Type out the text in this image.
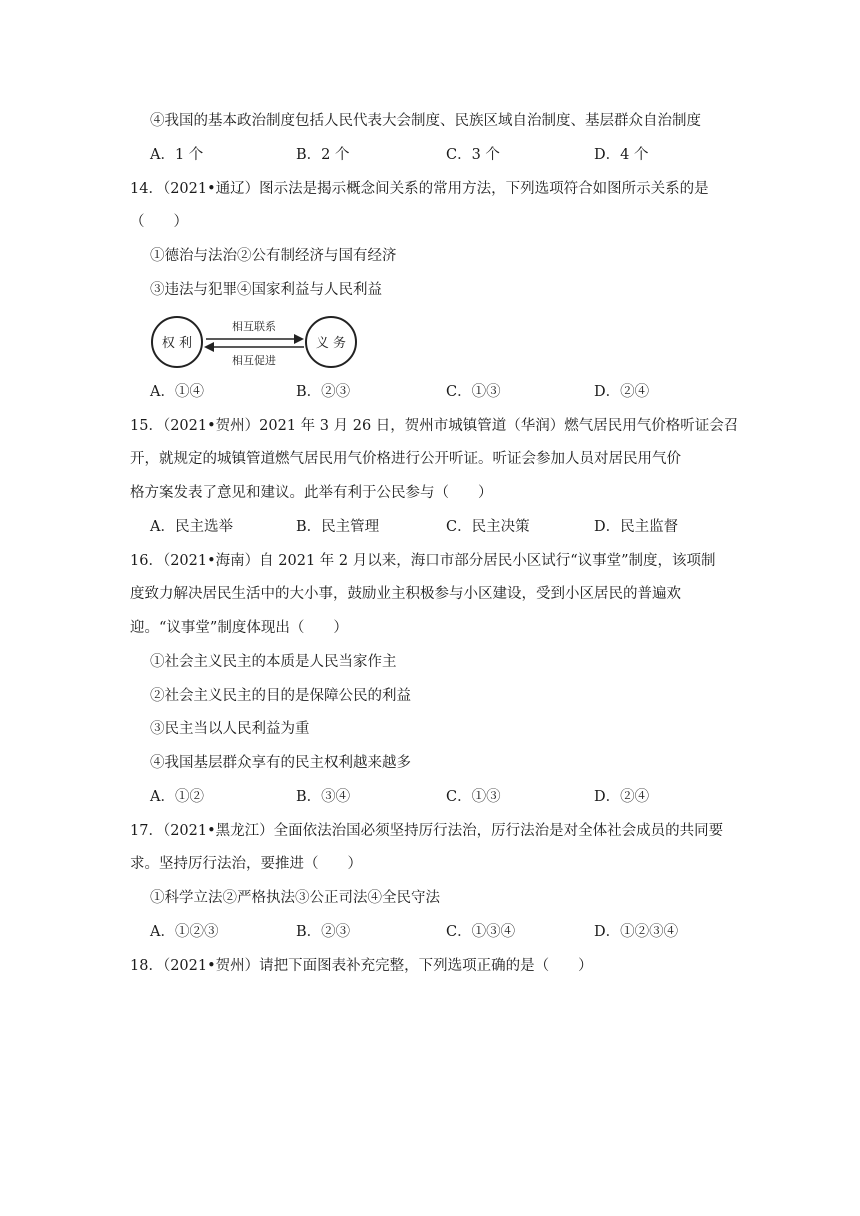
④我国的基本政治制度包括人民代表大会制度、民族区域自治制度、基层群众自治制度
A．1 个	B．2 个	C．3 个	D．4 个
14．（2021•通辽）图示法是揭示概念间关系的常用方法，下列选项符合如图所示关系的是
（　　）
①德治与法治②公有制经济与国有经济
③违法与犯罪④国家利益与人民利益
权 利	义 务
相互联系
相互促进
A．①④	B．②③	C．①③	D．②④
15．（2021•贺州）2021 年 3 月 26 日，贺州市城镇管道（华润）燃气居民用气价格听证会召
开，就规定的城镇管道燃气居民用气价格进行公开听证。听证会参加人员对居民用气价
格方案发表了意见和建议。此举有利于公民参与（　　）
A．民主选举	B．民主管理	C．民主决策	D．民主监督
16．（2021•海南）自 2021 年 2 月以来，海口市部分居民小区试行“议事堂”制度，该项制
度致力解决居民生活中的大小事，鼓励业主积极参与小区建设，受到小区居民的普遍欢
迎。“议事堂”制度体现出（　　）
①社会主义民主的本质是人民当家作主
②社会主义民主的目的是保障公民的利益
③民主当以人民利益为重
④我国基层群众享有的民主权利越来越多
A．①②	B．③④	C．①③	D．②④
17．（2021•黑龙江）全面依法治国必须坚持厉行法治，厉行法治是对全体社会成员的共同要
求。坚持厉行法治，要推进（　　）
①科学立法②严格执法③公正司法④全民守法
A．①②③	B．②③	C．①③④	D．①②③④
18．（2021•贺州）请把下面图表补充完整，下列选项正确的是（　　）
